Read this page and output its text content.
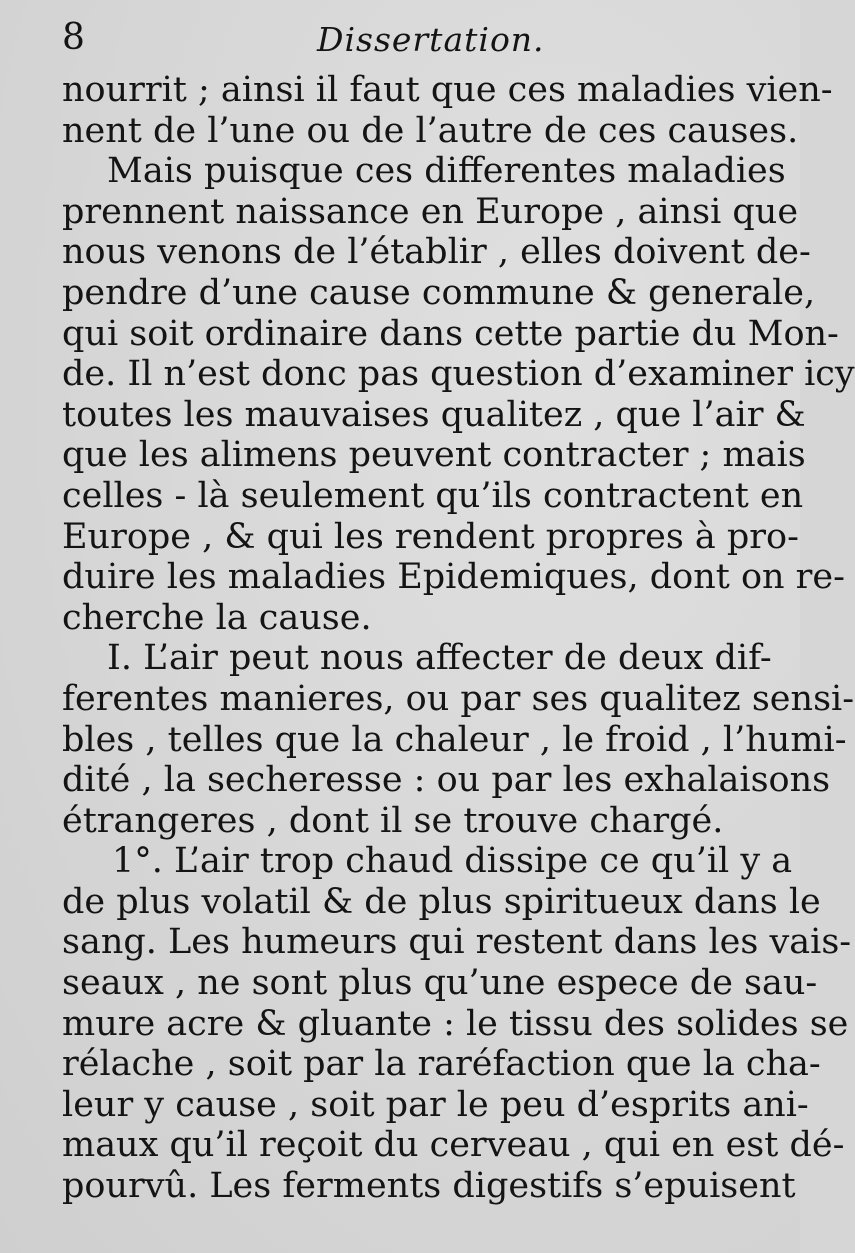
8	Dissertation.
nourrit ; ainsi il faut que ces maladies vien-
nent de l’une ou de l’autre de ces causes.
Mais puisque ces differentes maladies
prennent naissance en Europe , ainsi que
nous venons de l’établir , elles doivent de-
pendre d’une cause commune & generale,
qui soit ordinaire dans cette partie du Mon-
de. Il n’est donc pas question d’examiner icy
toutes les mauvaises qualitez , que l’air &
que les alimens peuvent contracter ; mais
celles - là seulement qu’ils contractent en
Europe , & qui les rendent propres à pro-
duire les maladies Epidemiques, dont on re-
cherche la cause.
I. L’air peut nous affecter de deux dif-
ferentes manieres, ou par ses qualitez sensi-
bles , telles que la chaleur , le froid , l’humi-
dité , la secheresse : ou par les exhalaisons
étrangeres , dont il se trouve chargé.
1°. L’air trop chaud dissipe ce qu’il y a
de plus volatil & de plus spiritueux dans le
sang. Les humeurs qui restent dans les vais-
seaux , ne sont plus qu’une espece de sau-
mure acre & gluante : le tissu des solides se
rélache , soit par la raréfaction que la cha-
leur y cause , soit par le peu d’esprits ani-
maux qu’il reçoit du cerveau , qui en est dé-
pourvû. Les ferments digestifs s’epuisent
